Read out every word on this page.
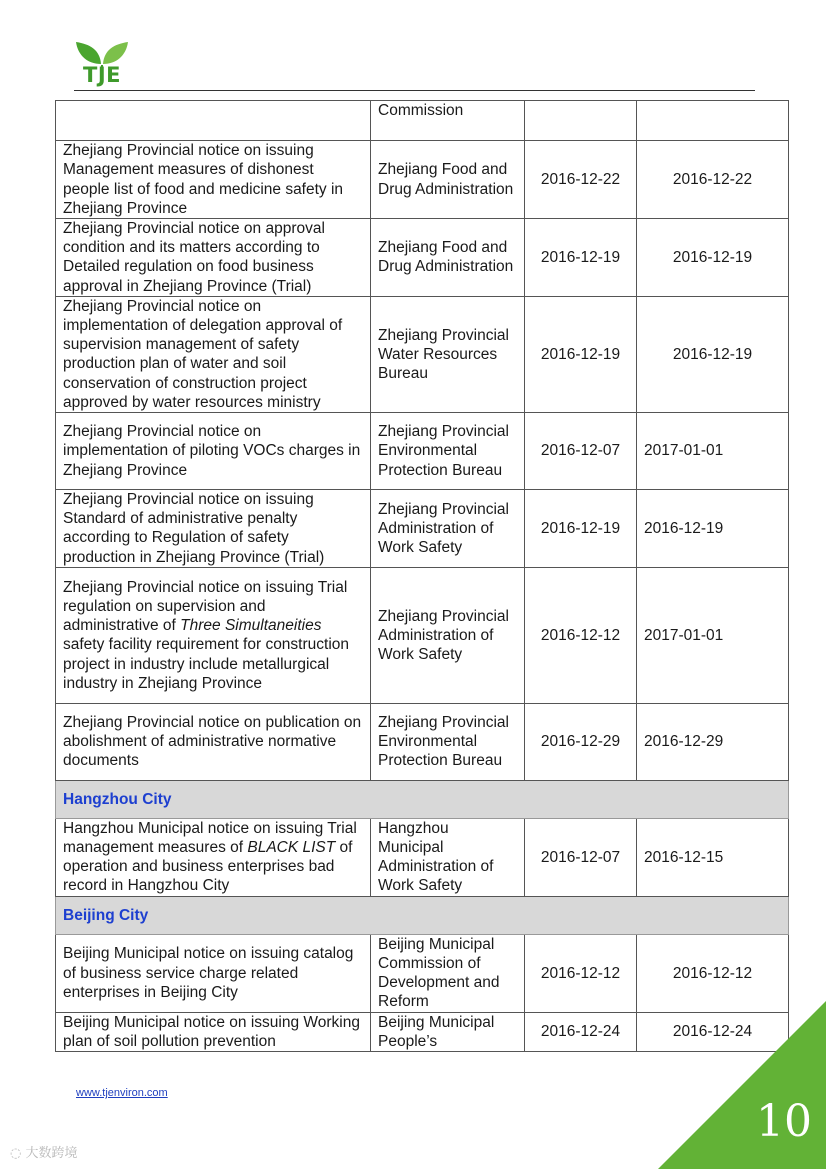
TJE
	Commission		
Zhejiang Provincial notice on issuing Management measures of dishonest people list of food and medicine safety in Zhejiang Province	Zhejiang Food and Drug Administration	2016-12-22	2016-12-22
Zhejiang Provincial notice on approval condition and its matters according to Detailed regulation on food business approval in Zhejiang Province (Trial)	Zhejiang Food and Drug Administration	2016-12-19	2016-12-19
Zhejiang Provincial notice on implementation of delegation approval of supervision management of safety production plan of water and soil conservation of construction project approved by water resources ministry	Zhejiang Provincial Water Resources Bureau	2016-12-19	2016-12-19
Zhejiang Provincial notice on implementation of piloting VOCs charges in Zhejiang Province	Zhejiang Provincial Environmental Protection Bureau	2016-12-07	2017-01-01
Zhejiang Provincial notice on issuing Standard of administrative penalty according to Regulation of safety production in Zhejiang Province (Trial)	Zhejiang Provincial Administration of Work Safety	2016-12-19	2016-12-19
Zhejiang Provincial notice on issuing Trial regulation on supervision and administrative of Three Simultaneities safety facility requirement for construction project in industry include metallurgical industry in Zhejiang Province	Zhejiang Provincial Administration of Work Safety	2016-12-12	2017-01-01
Zhejiang Provincial notice on publication on abolishment of administrative normative documents	Zhejiang Provincial Environmental Protection Bureau	2016-12-29	2016-12-29
Hangzhou City			
Hangzhou Municipal notice on issuing Trial management measures of BLACK LIST of operation and business enterprises bad record in Hangzhou City	Hangzhou Municipal Administration of Work Safety	2016-12-07	2016-12-15
Beijing City			
Beijing Municipal notice on issuing catalog of business service charge related enterprises in Beijing City	Beijing Municipal Commission of Development and Reform	2016-12-12	2016-12-12
Beijing Municipal notice on issuing Working plan of soil pollution prevention	Beijing Municipal People’s	2016-12-24	2016-12-24
www.tjenviron.com
10
◌ 大数跨境
